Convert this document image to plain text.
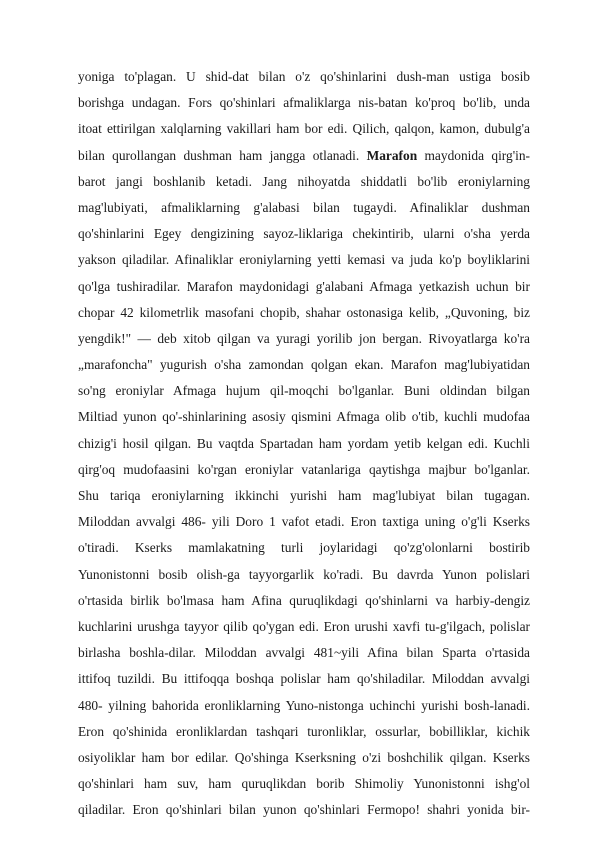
yoniga to'plagan. U shid-dat bilan o'z qo'shinlarini dush-man ustiga bosib
borishga undagan. Fors qo'shinlari afmaliklarga nis-batan ko'proq bo'lib, unda
itoat ettirilgan xalqlarning vakillari ham bor edi. Qilich, qalqon, kamon, dubulg'a
bilan qurollangan dushman ham jangga otlanadi. Marafon maydonida qirg'in-
barot jangi boshlanib ketadi. Jang nihoyatda shiddatli bo'lib eroniylarning
mag'lubiyati, afmaliklarning g'alabasi bilan tugaydi. Afinaliklar dushman
qo'shinlarini Egey dengizining sayoz-liklariga chekintirib, ularni o'sha yerda
yakson qiladilar. Afinaliklar eroniylarning yetti kemasi va juda ko'p boyliklarini
qo'lga tushiradilar. Marafon maydonidagi g'alabani Afmaga yetkazish uchun bir
chopar 42 kilometrlik masofani chopib, shahar ostonasiga kelib, „Quvoning, biz
yengdik!" — deb xitob qilgan va yuragi yorilib jon bergan. Rivoyatlarga ko'ra
„marafoncha" yugurish o'sha zamondan qolgan ekan. Marafon mag'lubiyatidan
so'ng eroniylar Afmaga hujum qil-moqchi bo'lganlar. Buni oldindan bilgan
Miltiad yunon qo'-shinlarining asosiy qismini Afmaga olib o'tib, kuchli mudofaa
chizig'i hosil qilgan. Bu vaqtda Spartadan ham yordam yetib kelgan edi. Kuchli
qirg'oq mudofaasini ko'rgan eroniylar vatanlariga qaytishga majbur bo'lganlar.
Shu tariqa eroniylarning ikkinchi yurishi ham mag'lubiyat bilan tugagan.
Miloddan avvalgi 486- yili Doro 1 vafot etadi. Eron taxtiga uning o'g'li Kserks
o'tiradi. Kserks mamlakatning turli joylaridagi qo'zg'olonlarni bostirib
Yunonistonni bosib olish-ga tayyorgarlik ko'radi. Bu davrda Yunon polislari
o'rtasida birlik bo'lmasa ham Afina quruqlikdagi qo'shinlarni va harbiy-dengiz
kuchlarini urushga tayyor qilib qo'ygan edi. Eron urushi xavfi tu-g'ilgach, polislar
birlasha boshla-dilar. Miloddan avvalgi 481~yili Afina bilan Sparta o'rtasida
ittifoq tuzildi. Bu ittifoqqa boshqa polislar ham qo'shiladilar. Miloddan avvalgi
480- yilning bahorida eronliklarning Yuno-nistonga uchinchi yurishi bosh-lanadi.
Eron qo'shinida eronliklardan tashqari turonliklar, ossurlar, bobilliklar, kichik
osiyoliklar ham bor edilar. Qo'shinga Kserksning o'zi boshchilik qilgan. Kserks
qo'shinlari ham suv, ham quruqlikdan borib Shimoliy Yunonistonni ishg'ol
qiladilar. Eron qo'shinlari bilan yunon qo'shinlari Fermopo! shahri yonida bir-
